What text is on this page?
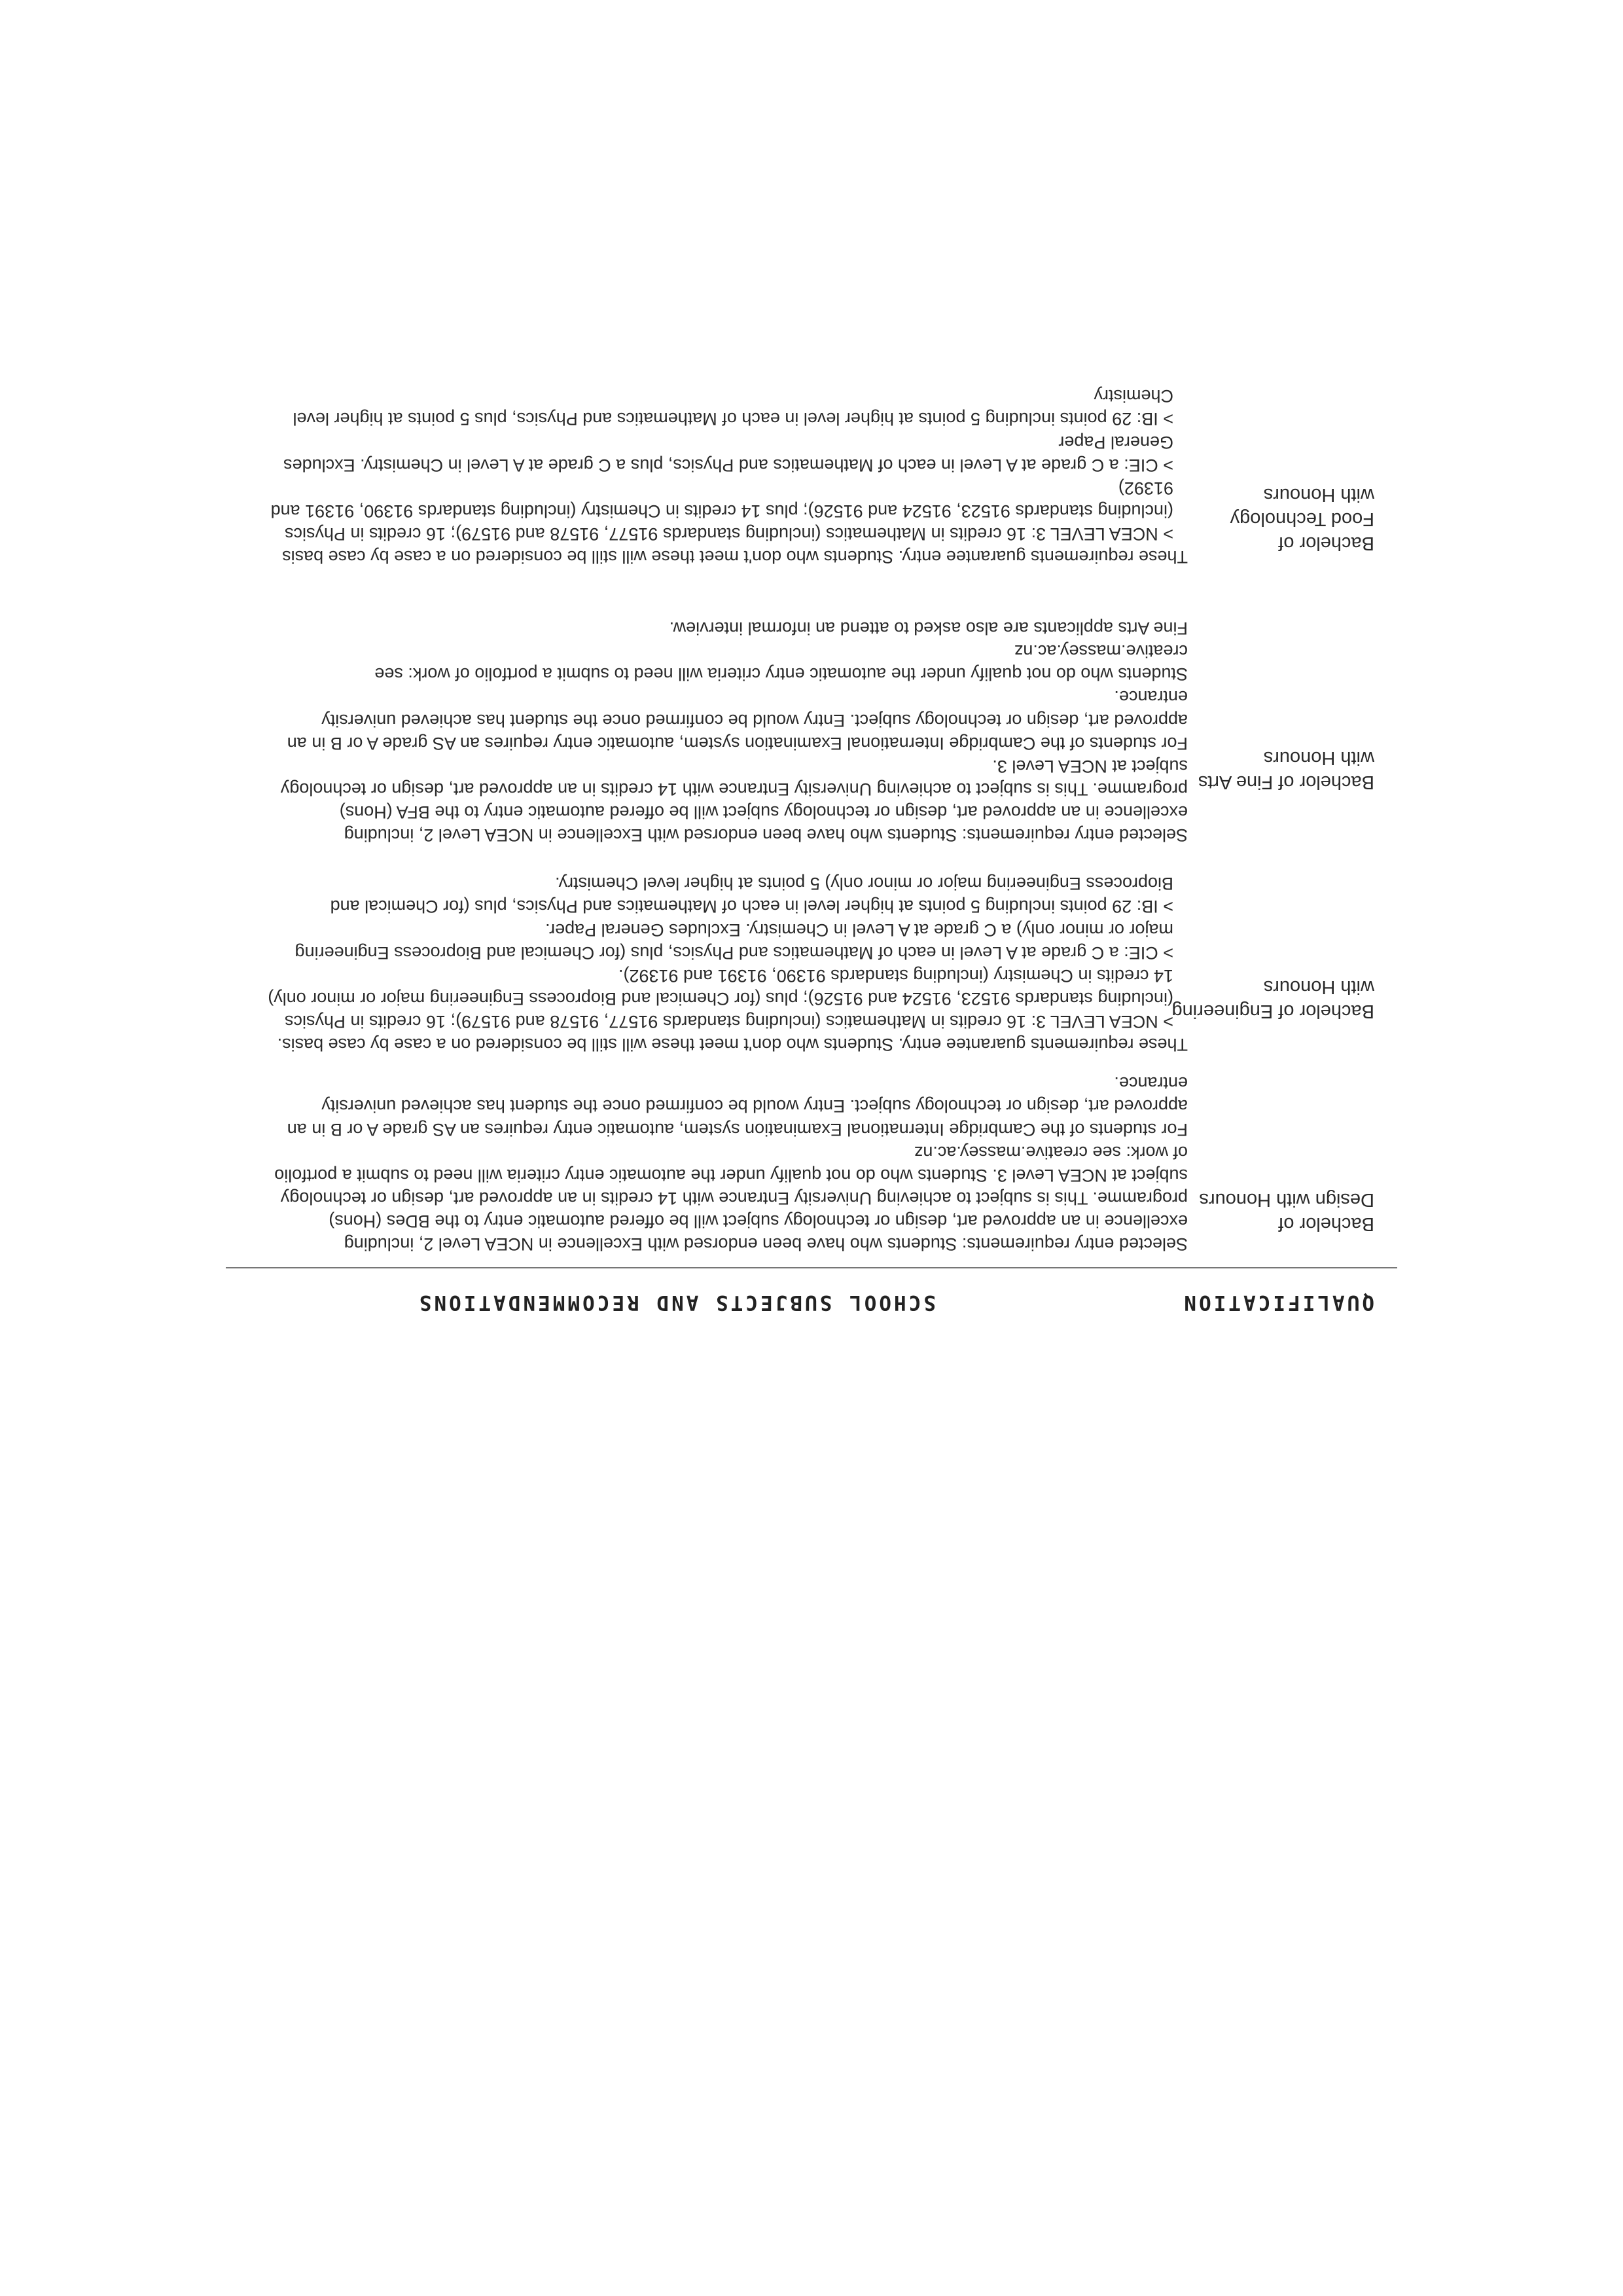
QUALIFICATION
SCHOOL SUBJECTS AND RECOMMENDATIONS
Bachelor of
Design with Honours

Selected entry requirements: Students who have been endorsed with Excellence in NCEA Level 2, including excellence in an approved art, design or technology subject will be offered automatic entry to the BDes (Hons) programme. This is subject to achieving University Entrance with 14 credits in an approved art, design or technology subject at NCEA Level 3. Students who do not qualify under the automatic entry criteria will need to submit a portfolio of work: see creative.massey.ac.nz

For students of the Cambridge International Examination system, automatic entry requires an AS grade A or B in an approved art, design or technology subject. Entry would be confirmed once the student has achieved university entrance.

Bachelor of Engineering
with Honours

These requirements guarantee entry. Students who don't meet these will still be considered on a case by case basis.

> NCEA LEVEL 3: 16 credits in Mathematics (including standards 91577, 91578 and 91579); 16 credits in Physics (including standards 91523, 91524 and 91526); plus (for Chemical and Bioprocess Engineering major or minor only) 14 credits in Chemistry (including standards 91390, 91391 and 91392).

> CIE: a C grade at A Level in each of Mathematics and Physics, plus (for Chemical and Bioprocess Engineering major or minor only) a C grade at A Level in Chemistry. Excludes General Paper.

> IB: 29 points including 5 points at higher level in each of Mathematics and Physics, plus (for Chemical and Bioprocess Engineering major or minor only) 5 points at higher level Chemistry.

Bachelor of Fine Arts
with Honours

Selected entry requirements: Students who have been endorsed with Excellence in NCEA Level 2, including excellence in an approved art, design or technology subject will be offered automatic entry to the BFA (Hons) programme. This is subject to achieving University Entrance with 14 credits in an approved art, design or technology subject at NCEA Level 3.

For students of the Cambridge International Examination system, automatic entry requires an AS grade A or B in an approved art, design or technology subject. Entry would be confirmed once the student has achieved university entrance.

Students who do not qualify under the automatic entry criteria will need to submit a portfolio of work: see creative.massey.ac.nz

Fine Arts applicants are also asked to attend an informal interview.

Bachelor of
Food Technology
with Honours

These requirements guarantee entry. Students who don't meet these will still be considered on a case by case basis

> NCEA LEVEL 3: 16 credits in Mathematics (including standards 91577, 91578 and 91579); 16 credits in Physics (including standards 91523, 91524 and 91526); plus 14 credits in Chemistry (including standards 91390, 91391 and 91392)

> CIE: a C grade at A Level in each of Mathematics and Physics, plus a C grade at A Level in Chemistry. Excludes General Paper

> IB: 29 points including 5 points at higher level in each of Mathematics and Physics, plus 5 points at higher level Chemistry
